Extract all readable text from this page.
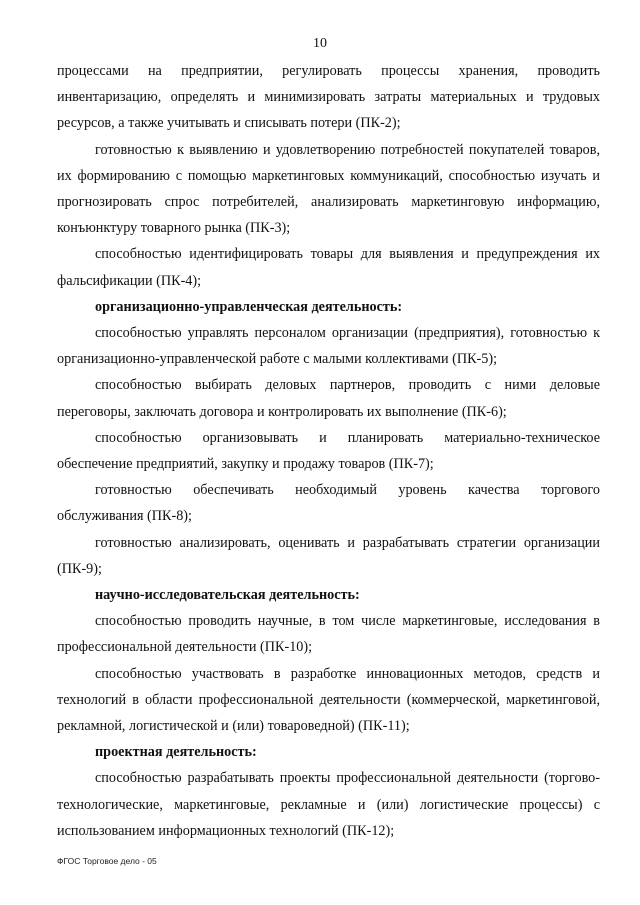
10

процессами на предприятии, регулировать процессы хранения, проводить инвентаризацию, определять и минимизировать затраты материальных и трудовых ресурсов, а также учитывать и списывать потери (ПК-2);

готовностью к выявлению и удовлетворению потребностей покупателей товаров, их формированию с помощью маркетинговых коммуникаций, способностью изучать и прогнозировать спрос потребителей, анализировать маркетинговую информацию, конъюнктуру товарного рынка (ПК-3);

способностью идентифицировать товары для выявления и предупреждения их фальсификации (ПК-4);

организационно-управленческая деятельность:

способностью управлять персоналом организации (предприятия), готовностью к организационно-управленческой работе с малыми коллективами (ПК-5);

способностью выбирать деловых партнеров, проводить с ними деловые переговоры, заключать договора и контролировать их выполнение (ПК-6);

способностью организовывать и планировать материально-техническое обеспечение предприятий, закупку и продажу товаров (ПК-7);

готовностью обеспечивать необходимый уровень качества торгового обслуживания (ПК-8);

готовностью анализировать, оценивать и разрабатывать стратегии организации (ПК-9);

научно-исследовательская деятельность:

способностью проводить научные, в том числе маркетинговые, исследования в профессиональной деятельности (ПК-10);

способностью участвовать в разработке инновационных методов, средств и технологий в области профессиональной деятельности (коммерческой, маркетинговой, рекламной, логистической и (или) товароведной) (ПК-11);

проектная деятельность:

способностью разрабатывать проекты профессиональной деятельности (торгово-технологические, маркетинговые, рекламные и (или) логистические процессы) с использованием информационных технологий (ПК-12);

ФГОС Торговое дело - 05
